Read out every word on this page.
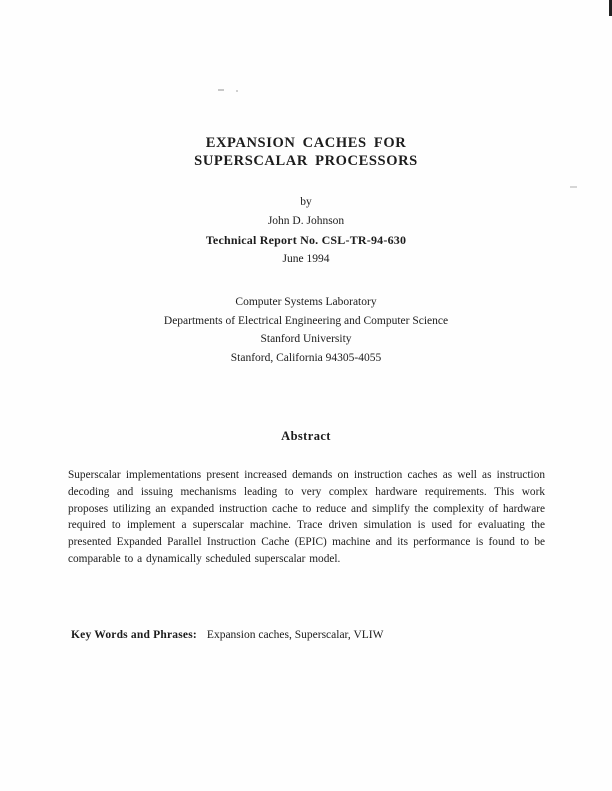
EXPANSION CACHES FOR
SUPERSCALAR PROCESSORS
by
John D. Johnson
Technical Report No. CSL-TR-94-630
June 1994
Computer Systems Laboratory
Departments of Electrical Engineering and Computer Science
Stanford University
Stanford, California 94305-4055
Abstract
Superscalar implementations present increased demands on instruction caches as well as instruction decoding and issuing mechanisms leading to very complex hardware requirements. This work proposes utilizing an expanded instruction cache to reduce and simplify the complexity of hardware required to implement a superscalar machine. Trace driven simulation is used for evaluating the presented Expanded Parallel Instruction Cache (EPIC) machine and its performance is found to be comparable to a dynamically scheduled superscalar model.
Key Words and Phrases: Expansion caches, Superscalar, VLIW
